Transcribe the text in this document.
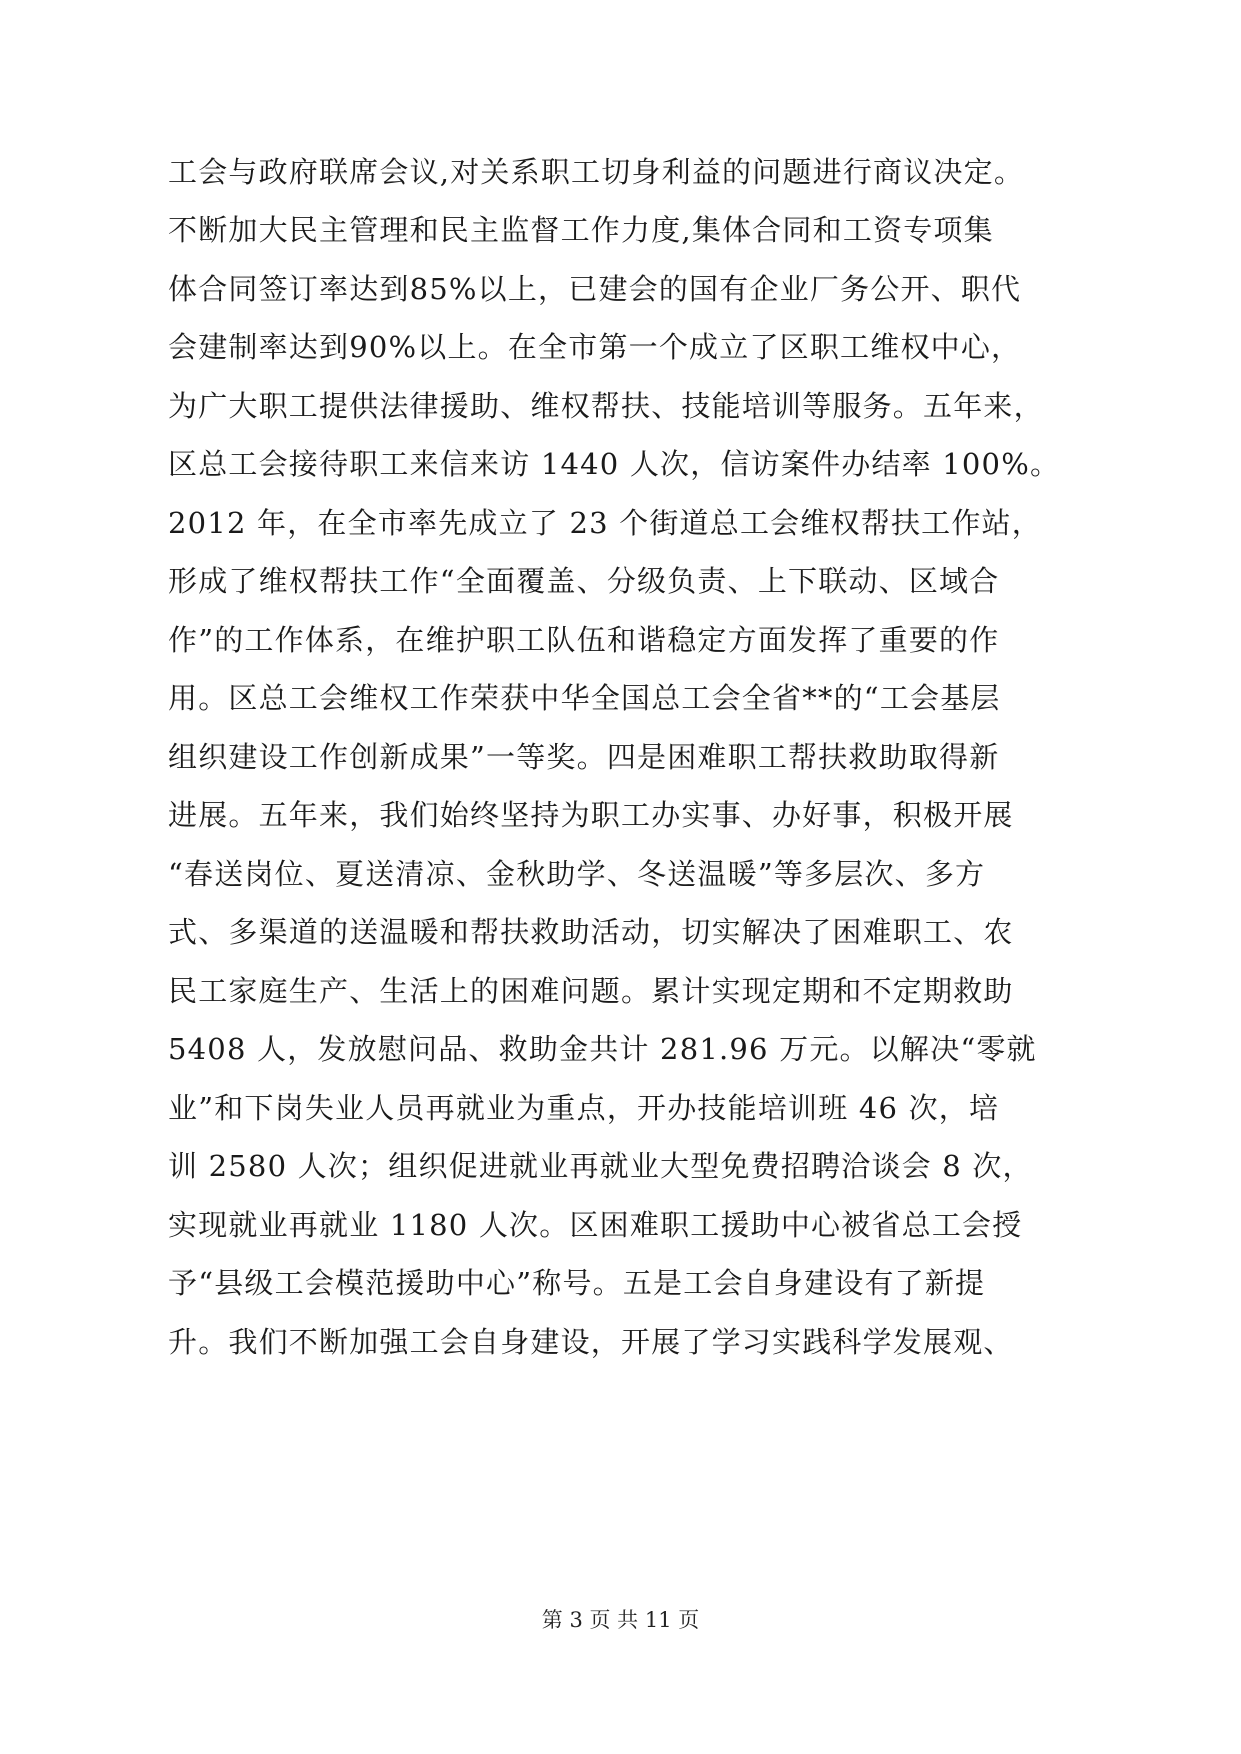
工会与政府联席会议,对关系职工切身利益的问题进行商议决定。
不断加大民主管理和民主监督工作力度,集体合同和工资专项集
体合同签订率达到85%以上，已建会的国有企业厂务公开、职代
会建制率达到90%以上。在全市第一个成立了区职工维权中心，
为广大职工提供法律援助、维权帮扶、技能培训等服务。五年来，
区总工会接待职工来信来访 1440 人次，信访案件办结率 100%。
2012 年，在全市率先成立了 23 个街道总工会维权帮扶工作站，
形成了维权帮扶工作“全面覆盖、分级负责、上下联动、区域合
作”的工作体系，在维护职工队伍和谐稳定方面发挥了重要的作
用。区总工会维权工作荣获中华全国总工会全省**的“工会基层
组织建设工作创新成果”一等奖。四是困难职工帮扶救助取得新
进展。五年来，我们始终坚持为职工办实事、办好事，积极开展
“春送岗位、夏送清凉、金秋助学、冬送温暖”等多层次、多方
式、多渠道的送温暖和帮扶救助活动，切实解决了困难职工、农
民工家庭生产、生活上的困难问题。累计实现定期和不定期救助
5408 人，发放慰问品、救助金共计 281.96 万元。以解决“零就
业”和下岗失业人员再就业为重点，开办技能培训班 46 次，培
训 2580 人次；组织促进就业再就业大型免费招聘洽谈会 8 次，
实现就业再就业 1180 人次。区困难职工援助中心被省总工会授
予“县级工会模范援助中心”称号。五是工会自身建设有了新提
升。我们不断加强工会自身建设，开展了学习实践科学发展观、
第 3 页 共 11 页
